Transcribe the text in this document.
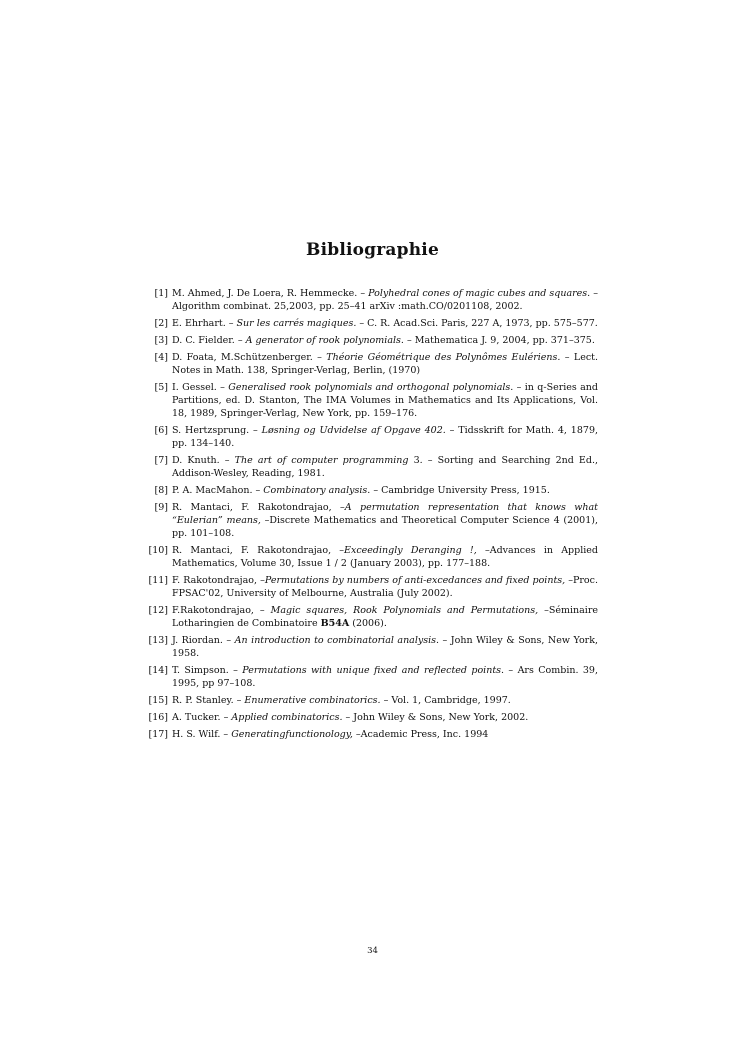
Bibliographie
[1] M. Ahmed, J. De Loera, R. Hemmecke. – Polyhedral cones of magic cubes and squares. – Algorithm combinat. 25,2003, pp. 25–41 arXiv :math.CO/0201108, 2002.
[2] E. Ehrhart. – Sur les carrés magiques. – C. R. Acad.Sci. Paris, 227 A, 1973, pp. 575–577.
[3] D. C. Fielder. – A generator of rook polynomials. – Mathematica J. 9, 2004, pp. 371–375.
[4] D. Foata, M.Schützenberger. – Théorie Géométrique des Polynômes Eulériens. – Lect. Notes in Math. 138, Springer-Verlag, Berlin, (1970)
[5] I. Gessel. – Generalised rook polynomials and orthogonal polynomials. – in q-Series and Partitions, ed. D. Stanton, The IMA Volumes in Mathematics and Its Applications, Vol. 18, 1989, Springer-Verlag, New York, pp. 159–176.
[6] S. Hertzsprung. – Løsning og Udvidelse af Opgave 402. – Tidsskrift for Math. 4, 1879, pp. 134–140.
[7] D. Knuth. – The art of computer programming 3. – Sorting and Searching 2nd Ed., Addison-Wesley, Reading, 1981.
[8] P. A. MacMahon. – Combinatory analysis. – Cambridge University Press, 1915.
[9] R. Mantaci, F. Rakotondrajao, –A permutation representation that knows what “Eulerian” means, –Discrete Mathematics and Theoretical Computer Science 4 (2001), pp. 101–108.
[10] R. Mantaci, F. Rakotondrajao, –Exceedingly Deranging !, –Advances in Applied Mathematics, Volume 30, Issue 1 / 2 (January 2003), pp. 177–188.
[11] F. Rakotondrajao, –Permutations by numbers of anti-excedances and fixed points, –Proc. FPSAC'02, University of Melbourne, Australia (July 2002).
[12] F.Rakotondrajao, – Magic squares, Rook Polynomials and Permutations, –Séminaire Lotharingien de Combinatoire B54A (2006).
[13] J. Riordan. – An introduction to combinatorial analysis. – John Wiley & Sons, New York, 1958.
[14] T. Simpson. – Permutations with unique fixed and reflected points. – Ars Combin. 39, 1995, pp 97–108.
[15] R. P. Stanley. – Enumerative combinatorics. – Vol. 1, Cambridge, 1997.
[16] A. Tucker. – Applied combinatorics. – John Wiley & Sons, New York, 2002.
[17] H. S. Wilf. – Generatingfunctionology, –Academic Press, Inc. 1994
34
